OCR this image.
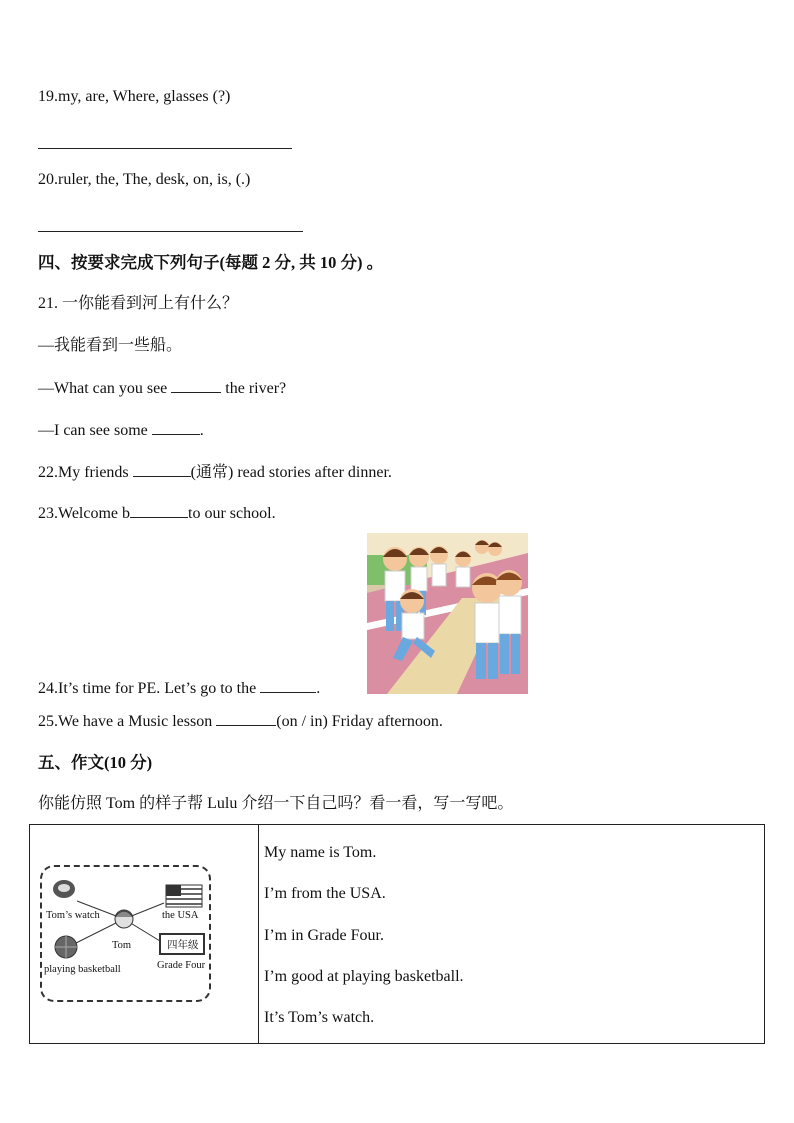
19.my, are, Where, glasses (?)
20.ruler, the, The, desk, on, is, (.)
四、按要求完成下列句子(每题 2 分, 共 10 分) 。
21. 一你能看到河上有什么？
—我能看到一些船。
—What can you see	the river?
—I can see some	.
22.My friends	(通常) read stories after dinner.
23.Welcome b	to our school.
24.It’s time for PE. Let’s go to the	.
25.We have a Music lesson	(on / in) Friday afternoon.
五、作文(10 分)
你能仿照 Tom 的样子帮 Lulu 介绍一下自己吗？看一看，写一写吧。

Tom’s watch	the USA
Tom	四年级
Grade Four
playing basketball
My name is Tom.
I’m from the USA.
I’m in Grade Four.
I’m good at playing basketball.
It’s Tom’s watch.
